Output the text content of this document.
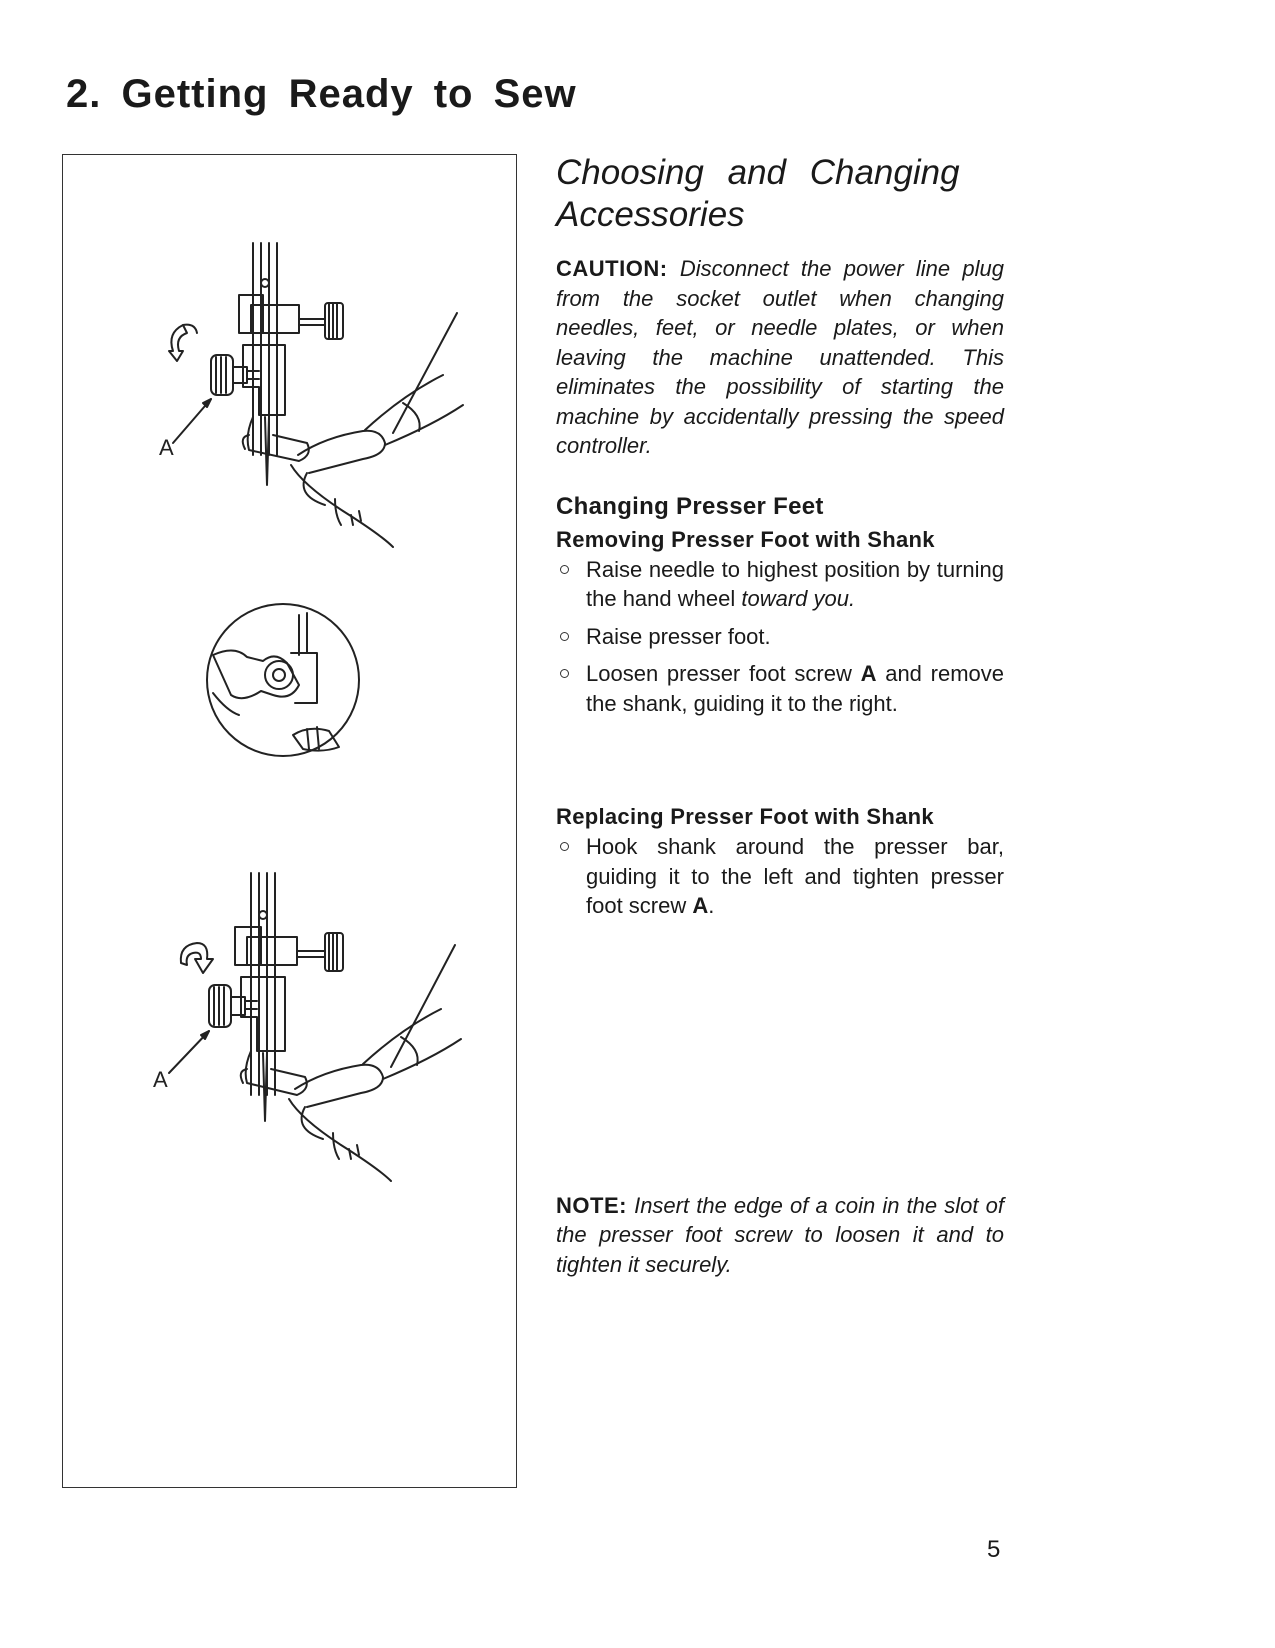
2. Getting Ready to Sew
A
A
Choosing and Changing
Accessories

CAUTION: Disconnect the power line plug from the socket outlet when changing needles, feet, or needle plates, or when leaving the machine unattended. This eliminates the possibility of starting the machine by accidentally pressing the speed controller.

Changing Presser Feet
Removing Presser Foot with Shank
Raise needle to highest position by turning the hand wheel toward you.
Raise presser foot.
Loosen presser foot screw A and remove the shank, guiding it to the right.
Replacing Presser Foot with Shank
Hook shank around the presser bar, guiding it to the left and tighten presser foot screw A.

NOTE: Insert the edge of a coin in the slot of the presser foot screw to loosen it and to tighten it securely.

5
